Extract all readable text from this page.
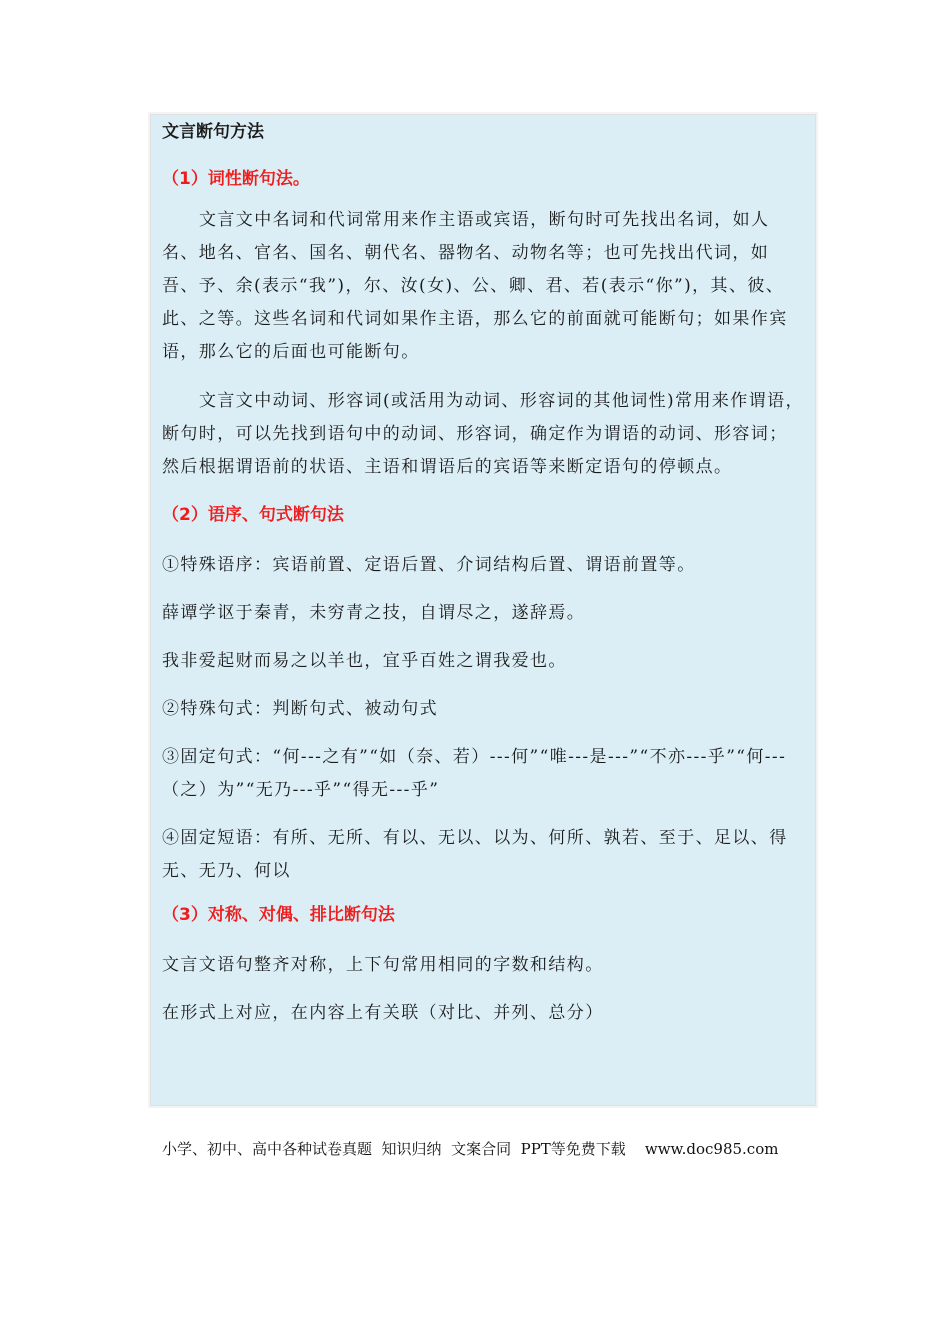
文言断句方法
（1）词性断句法。

文言文中名词和代词常用来作主语或宾语，断句时可先找出名词，如人名、地名、官名、国名、朝代名、器物名、动物名等；也可先找出代词，如吾、予、余(表示“我”)，尔、汝(女)、公、卿、君、若(表示“你”)，其、彼、此、之等。这些名词和代词如果作主语，那么它的前面就可能断句；如果作宾语，那么它的后面也可能断句。

文言文中动词、形容词(或活用为动词、形容词的其他词性)常用来作谓语，断句时，可以先找到语句中的动词、形容词，确定作为谓语的动词、形容词；然后根据谓语前的状语、主语和谓语后的宾语等来断定语句的停顿点。

（2）语序、句式断句法

①特殊语序：宾语前置、定语后置、介词结构后置、谓语前置等。

薛谭学讴于秦青，未穷青之技，自谓尽之，遂辞焉。

我非爱起财而易之以羊也，宜乎百姓之谓我爱也。

②特殊句式：判断句式、被动句式

③固定句式：“何---之有”“如（奈、若）---何”“唯---是---”“不亦---乎”“何---（之）为”“无乃---乎”“得无---乎”

④固定短语：有所、无所、有以、无以、以为、何所、孰若、至于、足以、得无、无乃、何以

（3）对称、对偶、排比断句法

文言文语句整齐对称，上下句常用相同的字数和结构。

在形式上对应，在内容上有关联（对比、并列、总分）

小学、初中、高中各种试卷真题  知识归纳  文案合同  PPT等免费下载    www.doc985.com
